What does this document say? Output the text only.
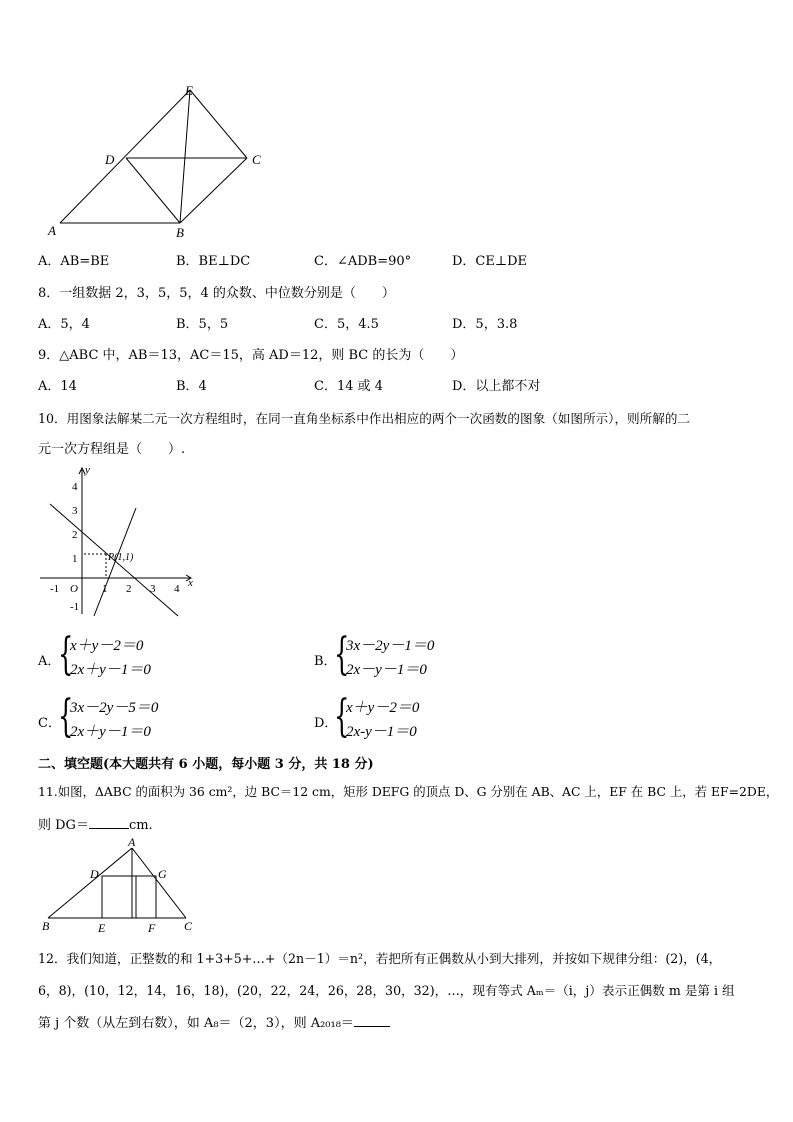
E
D	C
A	B
A．AB=BE	B．BE⊥DC	C．∠ADB=90°	D．CE⊥DE
8．一组数据 2，3，5，5，4 的众数、中位数分别是（　　）
A．5，4	B．5，5	C．5，4.5	D．5，3.8
9．△ABC 中，AB＝13，AC＝15，高 AD＝12，则 BC 的长为（　　）
A．14	B．4	C．14 或 4	D．以上都不对
10．用图象法解某二元一次方程组时，在同一直角坐标系中作出相应的两个一次函数的图象（如图所示），则所解的二
元一次方程组是（　　）.
y
x
O
P(1,1)
4
3
2
1
-1
-1	1 2 3 4
A．
{
x＋y－2＝0
2x＋y－1＝0
B．
{
3x－2y－1＝0
2x－y－1＝0
C．
{
3x－2y－5＝0
2x＋y－1＝0
D．
{
x＋y－2＝0
2x-y－1＝0
二、填空题(本大题共有 6 小题，每小题 3 分，共 18 分)
11.如图，ΔABC 的面积为 36 cm²，边 BC＝12 cm，矩形 DEFG 的顶点 D、G 分别在 AB、AC 上，EF 在 BC 上，若 EF=2DE，
则 DG＝	cm.
A
D	G
B	E	F C
12．我们知道，正整数的和 1+3+5+…+（2n－1）＝n²，若把所有正偶数从小到大排列，并按如下规律分组：(2)，(4，
6，8)，(10，12，14，16，18)，(20，22，24，26，28，30，32)，…，现有等式 Aₘ＝（i，j）表示正偶数 m 是第 i 组
第 j 个数（从左到右数），如 A₈＝（2，3），则 A₂₀₁₈＝
